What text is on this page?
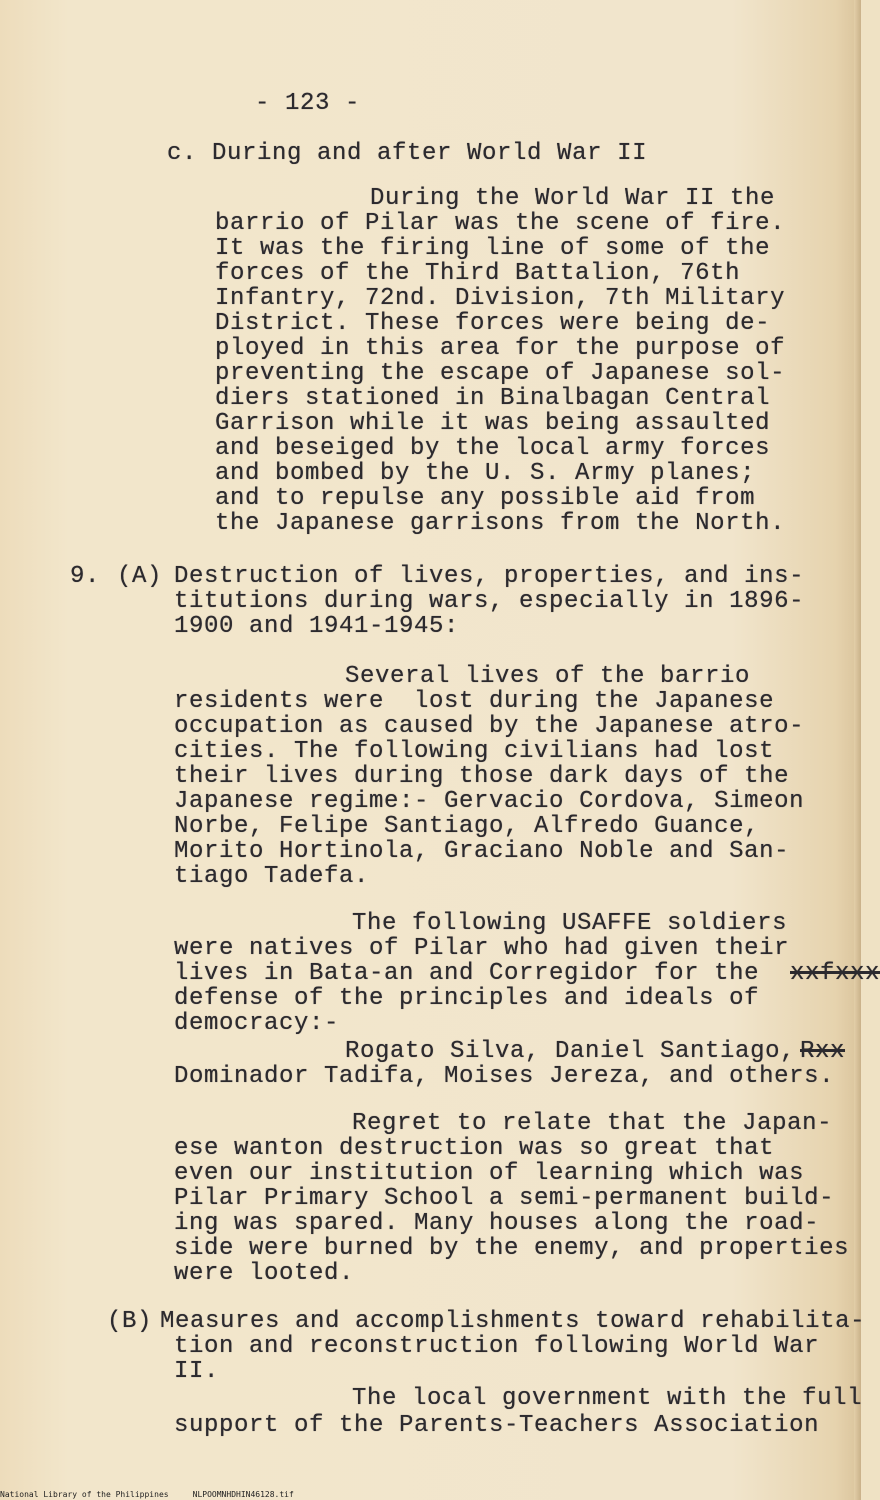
- 123 -
c. During and after World War II
During the World War II the
barrio of Pilar was the scene of fire.
It was the firing line of some of the
forces of the Third Battalion, 76th
Infantry, 72nd. Division, 7th Military
District. These forces were being de-
ployed in this area for the purpose of
preventing the escape of Japanese sol-
diers stationed in Binalbagan Central
Garrison while it was being assaulted
and beseiged by the local army forces
and bombed by the U. S. Army planes;
and to repulse any possible aid from
the Japanese garrisons from the North.
9. (A) Destruction of lives, properties, and ins-
titutions during wars, especially in 1896-
1900 and 1941-1945:
Several lives of the barrio
residents were  lost during the Japanese
occupation as caused by the Japanese atro-
cities. The following civilians had lost
their lives during those dark days of the
Japanese regime:- Gervacio Cordova, Simeon
Norbe, Felipe Santiago, Alfredo Guance,
Morito Hortinola, Graciano Noble and San-
tiago Tadefa.
The following USAFFE soldiers
were natives of Pilar who had given their
lives in Bata-an and Corregidor for the xxfxxx
defense of the principles and ideals of
democracy:-
Rogato Silva, Daniel Santiago, Rxx
Dominador Tadifa, Moises Jereza, and others.
Regret to relate that the Japan-
ese wanton destruction was so great that
even our institution of learning which was
Pilar Primary School a semi-permanent build-
ing was spared. Many houses along the road-
side were burned by the enemy, and properties
were looted.
(B) Measures and accomplishments toward rehabilita-
tion and reconstruction following World War
II.
The local government with the full
support of the Parents-Teachers Association
National Library of the Philippines     NLPOOMNHDHIN46128.tif
